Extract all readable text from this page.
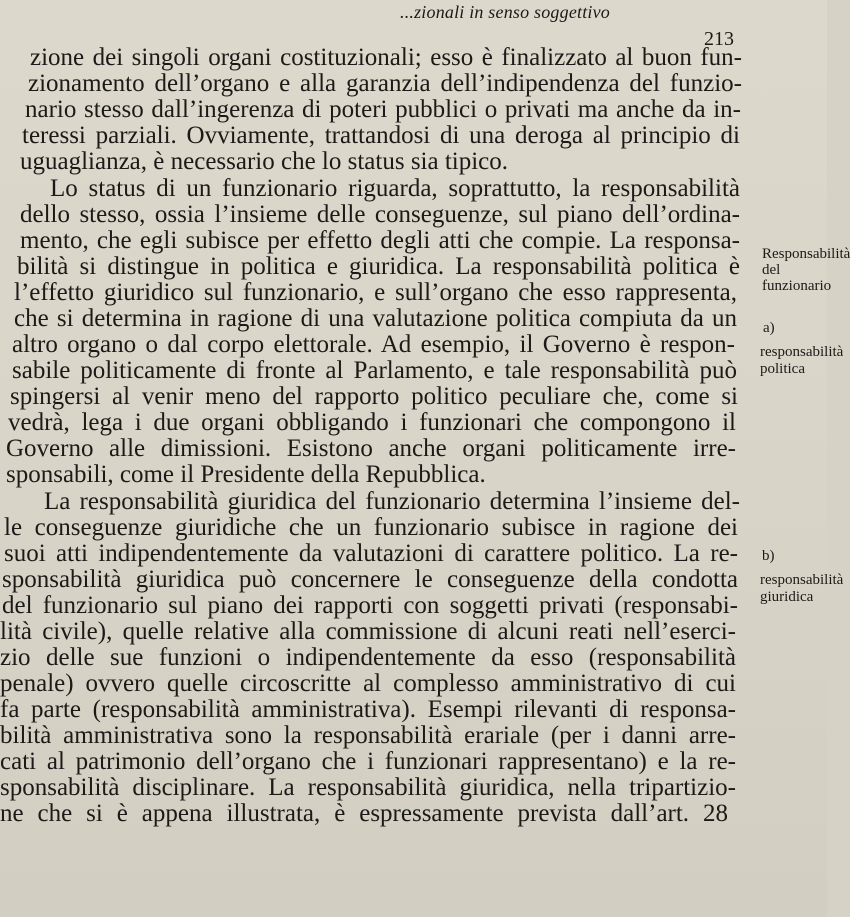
...zionali in senso soggettivo
213
zione dei singoli organi costituzionali; esso è finalizzato al buon fun-
zionamento dell’organo e alla garanzia dell’indipendenza del funzio-
nario stesso dall’ingerenza di poteri pubblici o privati ma anche da in-
teressi parziali. Ovviamente, trattandosi di una deroga al principio di
uguaglianza, è necessario che lo status sia tipico.
Lo status di un funzionario riguarda, soprattutto, la responsabilità
dello stesso, ossia l’insieme delle conseguenze, sul piano dell’ordina-
mento, che egli subisce per effetto degli atti che compie. La responsa-
bilità si distingue in politica e giuridica. La responsabilità politica è
l’effetto giuridico sul funzionario, e sull’organo che esso rappresenta,
che si determina in ragione di una valutazione politica compiuta da un
altro organo o dal corpo elettorale. Ad esempio, il Governo è respon-
sabile politicamente di fronte al Parlamento, e tale responsabilità può
spingersi al venir meno del rapporto politico peculiare che, come si
vedrà, lega i due organi obbligando i funzionari che compongono il
Governo alle dimissioni. Esistono anche organi politicamente irre-
sponsabili, come il Presidente della Repubblica.
La responsabilità giuridica del funzionario determina l’insieme del-
le conseguenze giuridiche che un funzionario subisce in ragione dei
suoi atti indipendentemente da valutazioni di carattere politico. La re-
sponsabilità giuridica può concernere le conseguenze della condotta
del funzionario sul piano dei rapporti con soggetti privati (responsabi-
lità civile), quelle relative alla commissione di alcuni reati nell’eserci-
zio delle sue funzioni o indipendentemente da esso (responsabilità
penale) ovvero quelle circoscritte al complesso amministrativo di cui
fa parte (responsabilità amministrativa). Esempi rilevanti di responsa-
bilità amministrativa sono la responsabilità erariale (per i danni arre-
cati al patrimonio dell’organo che i funzionari rappresentano) e la re-
sponsabilità disciplinare. La responsabilità giuridica, nella tripartizio-
ne che si è appena illustrata, è espressamente prevista dall’art. 28
Responsabilità
del
funzionario
a)
responsabilità
politica
b)
responsabilità
giuridica
